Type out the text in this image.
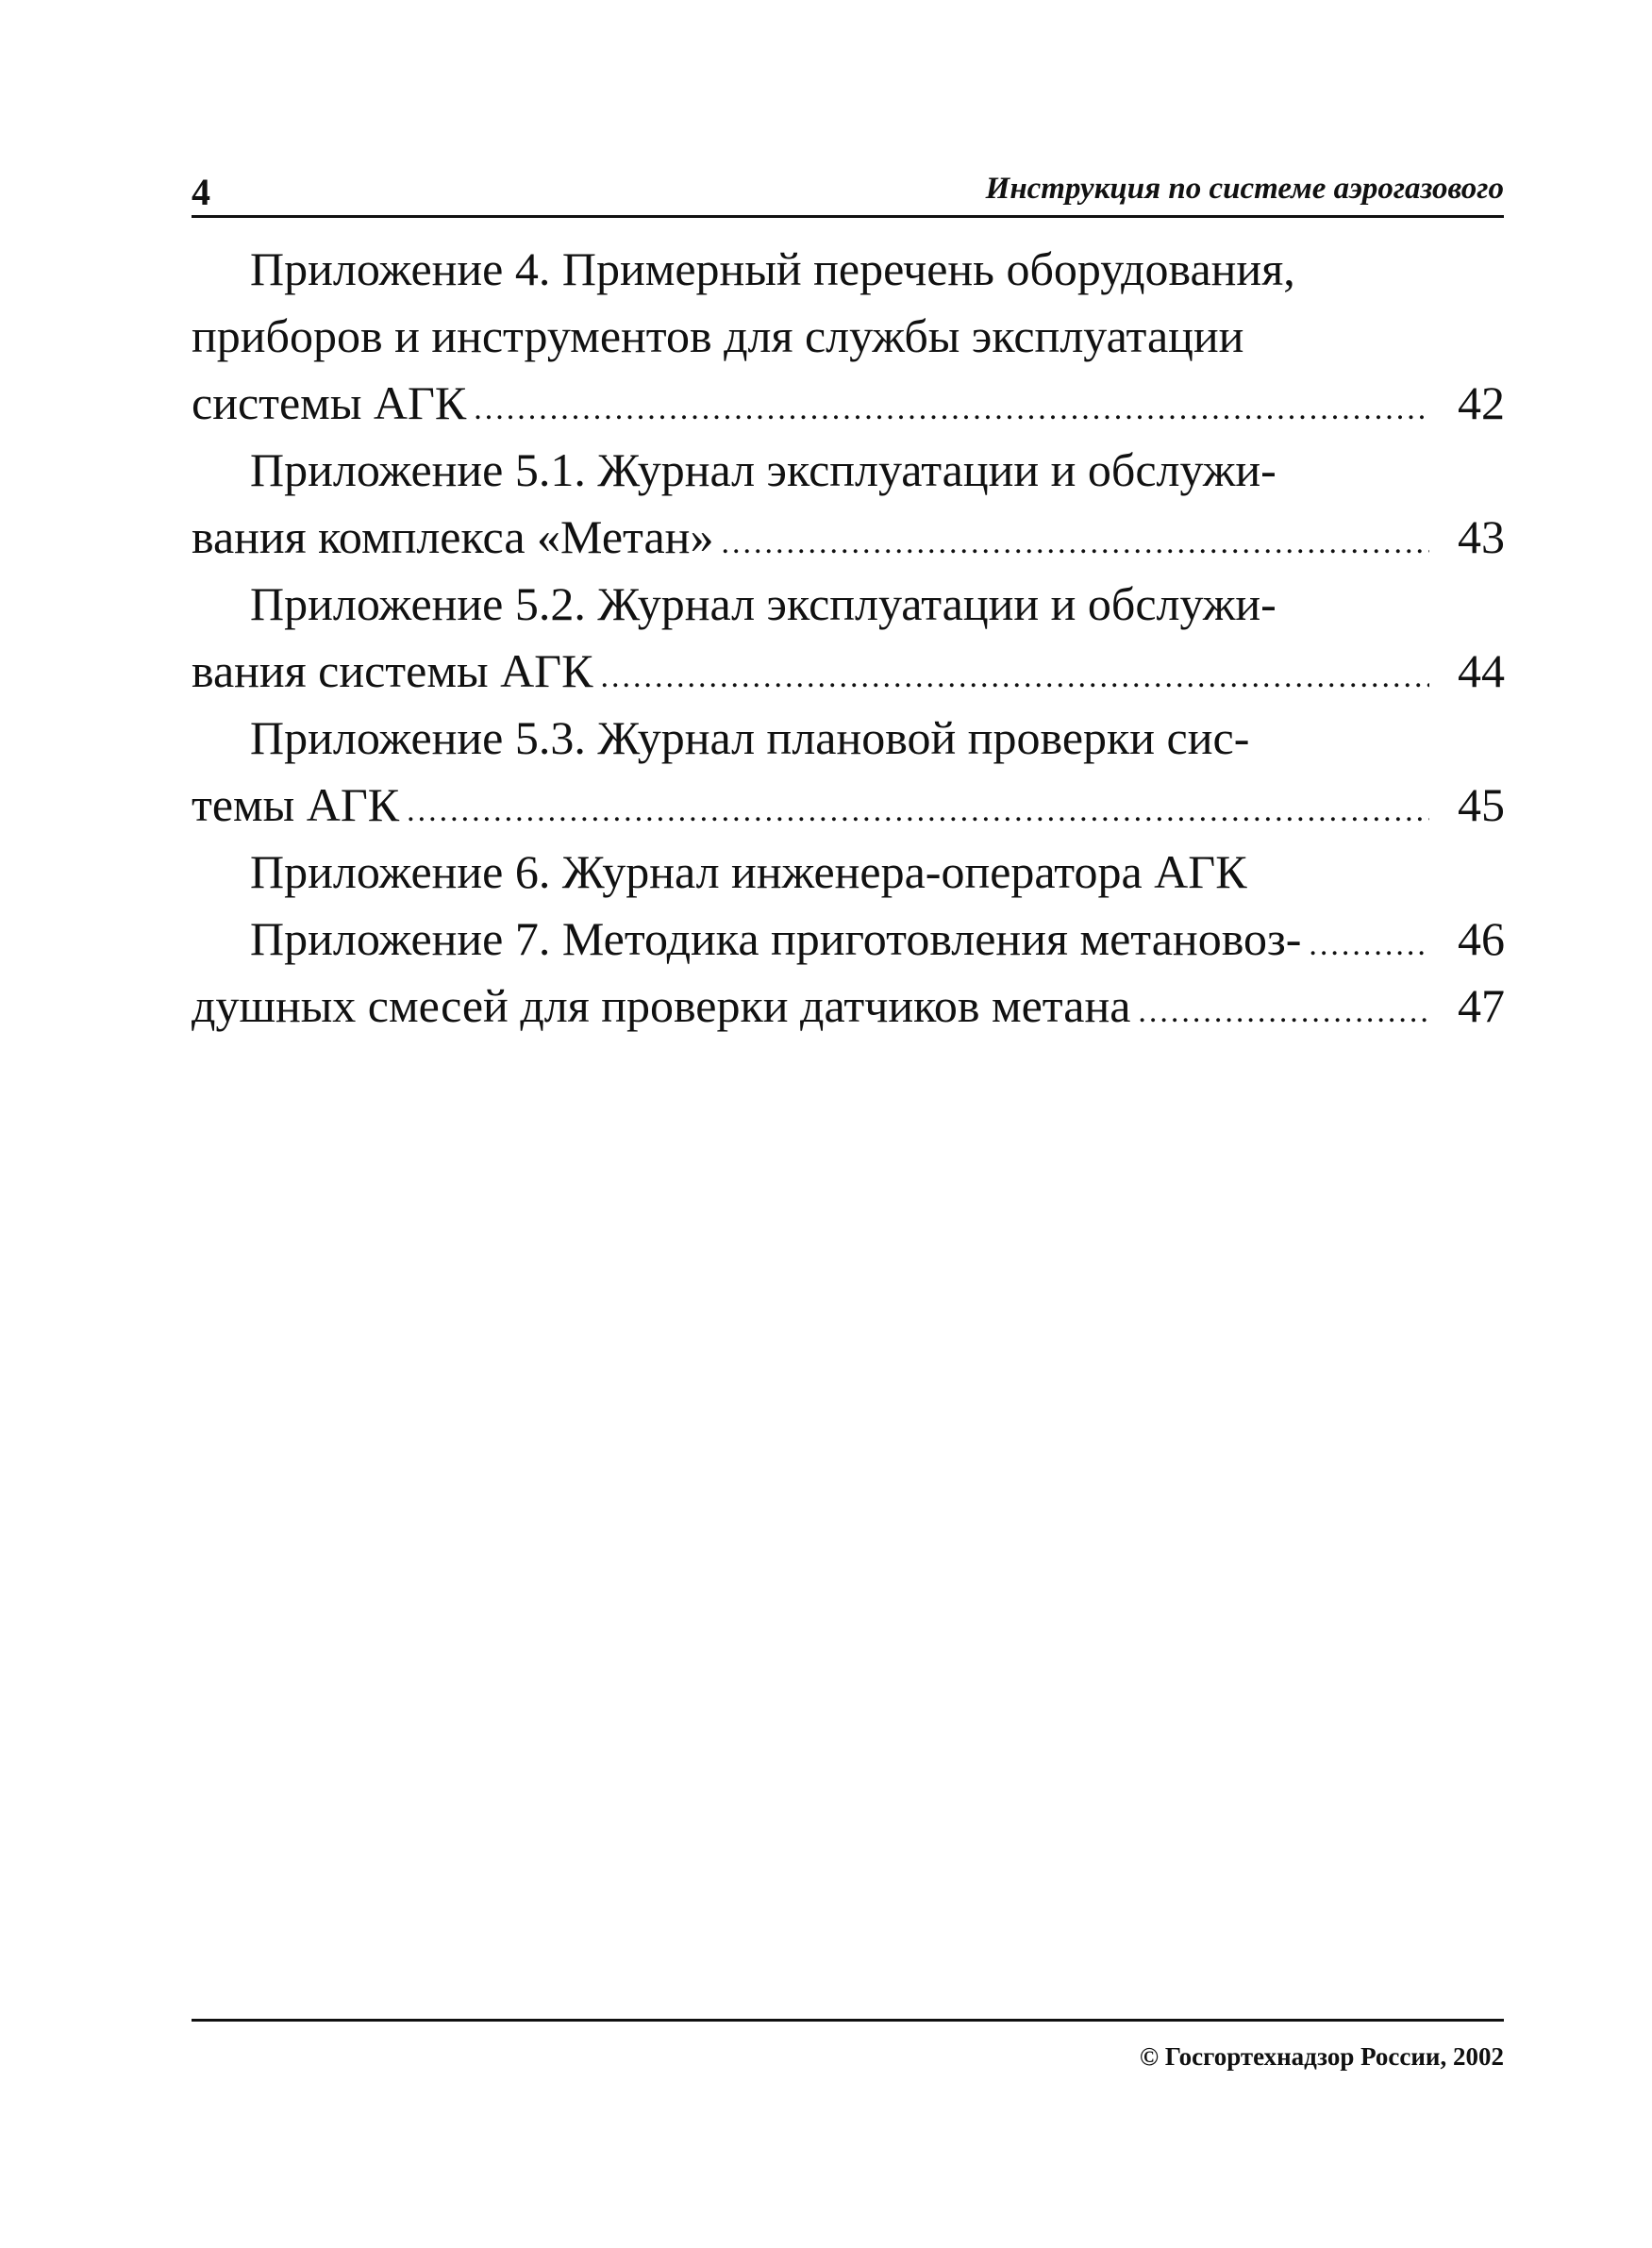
4	Инструкция по системе аэрогазового
Приложение 4. Примерный перечень оборудования,
приборов и инструментов для службы эксплуатации
системы АГК .....	42
Приложение 5.1. Журнал эксплуатации и обслужи-
вания комплекса «Метан» .....	43
Приложение 5.2. Журнал эксплуатации и обслужи-
вания системы АГК .....	44
Приложение 5.3. Журнал плановой проверки сис-
темы АГК .....	45
Приложение 6. Журнал инженера-оператора АГК
Приложение 7. Методика приготовления метановоз- .....	46
душных смесей для проверки датчиков метана .....	47
© Госгортехнадзор России, 2002
